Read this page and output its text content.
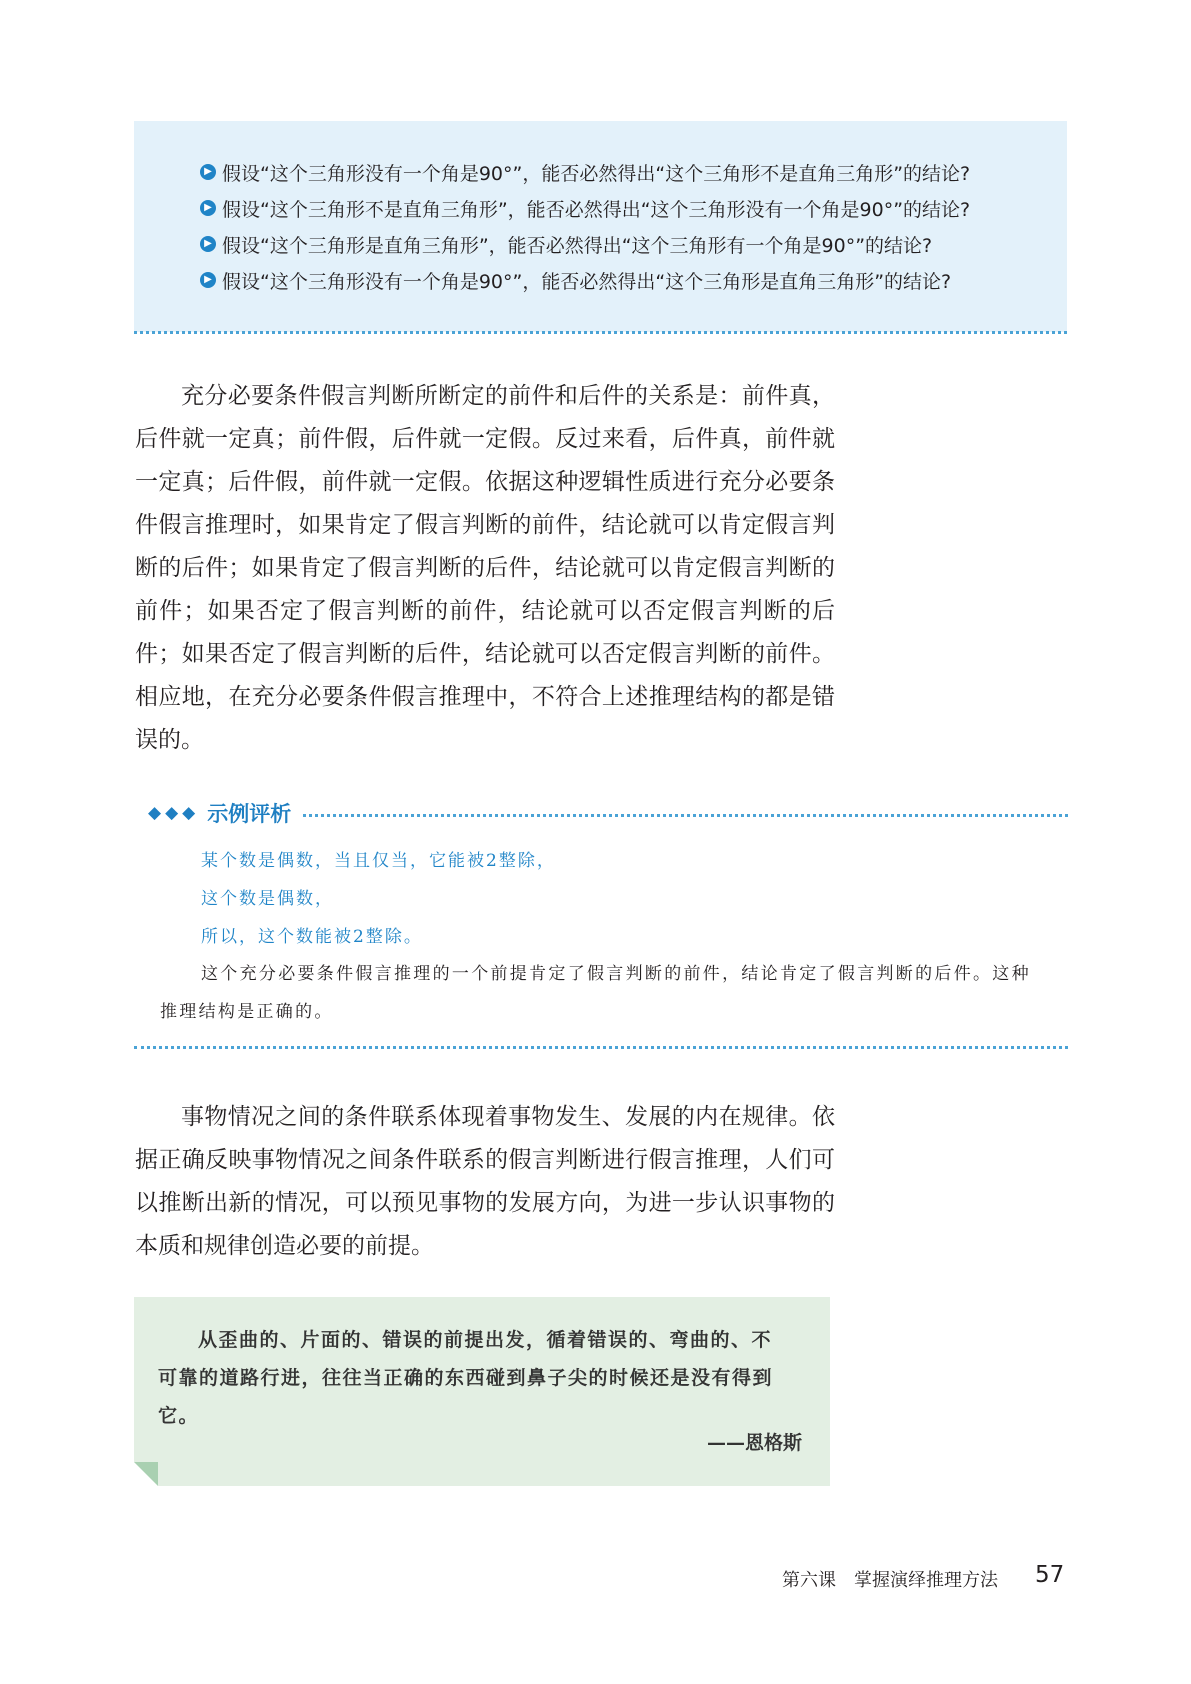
▶ 假设“这个三角形没有一个角是90°”，能否必然得出“这个三角形不是直角三角形”的结论?
▶ 假设“这个三角形不是直角三角形”，能否必然得出“这个三角形没有一个角是90°”的结论?
▶ 假设“这个三角形是直角三角形”，能否必然得出“这个三角形有一个角是90°”的结论?
▶ 假设“这个三角形没有一个角是90°”，能否必然得出“这个三角形是直角三角形”的结论?

充分必要条件假言判断所断定的前件和后件的关系是：前件真，后件就一定真；前件假，后件就一定假。反过来看，后件真，前件就一定真；后件假，前件就一定假。依据这种逻辑性质进行充分必要条件假言推理时，如果肯定了假言判断的前件，结论就可以肯定假言判断的后件；如果肯定了假言判断的后件，结论就可以肯定假言判断的前件；如果否定了假言判断的前件，结论就可以否定假言判断的后件；如果否定了假言判断的后件，结论就可以否定假言判断的前件。相应地，在充分必要条件假言推理中，不符合上述推理结构的都是错误的。

◆◆◆ 示例评析
某个数是偶数，当且仅当，它能被2整除，
这个数是偶数，
所以，这个数能被2整除。

这个充分必要条件假言推理的一个前提肯定了假言判断的前件，结论肯定了假言判断的后件。这种推理结构是正确的。

事物情况之间的条件联系体现着事物发生、发展的内在规律。依据正确反映事物情况之间条件联系的假言判断进行假言推理，人们可以推断出新的情况，可以预见事物的发展方向，为进一步认识事物的本质和规律创造必要的前提。

从歪曲的、片面的、错误的前提出发，循着错误的、弯曲的、不可靠的道路行进，往往当正确的东西碰到鼻子尖的时候还是没有得到它。

——恩格斯
第六课　掌握演绎推理方法 57
